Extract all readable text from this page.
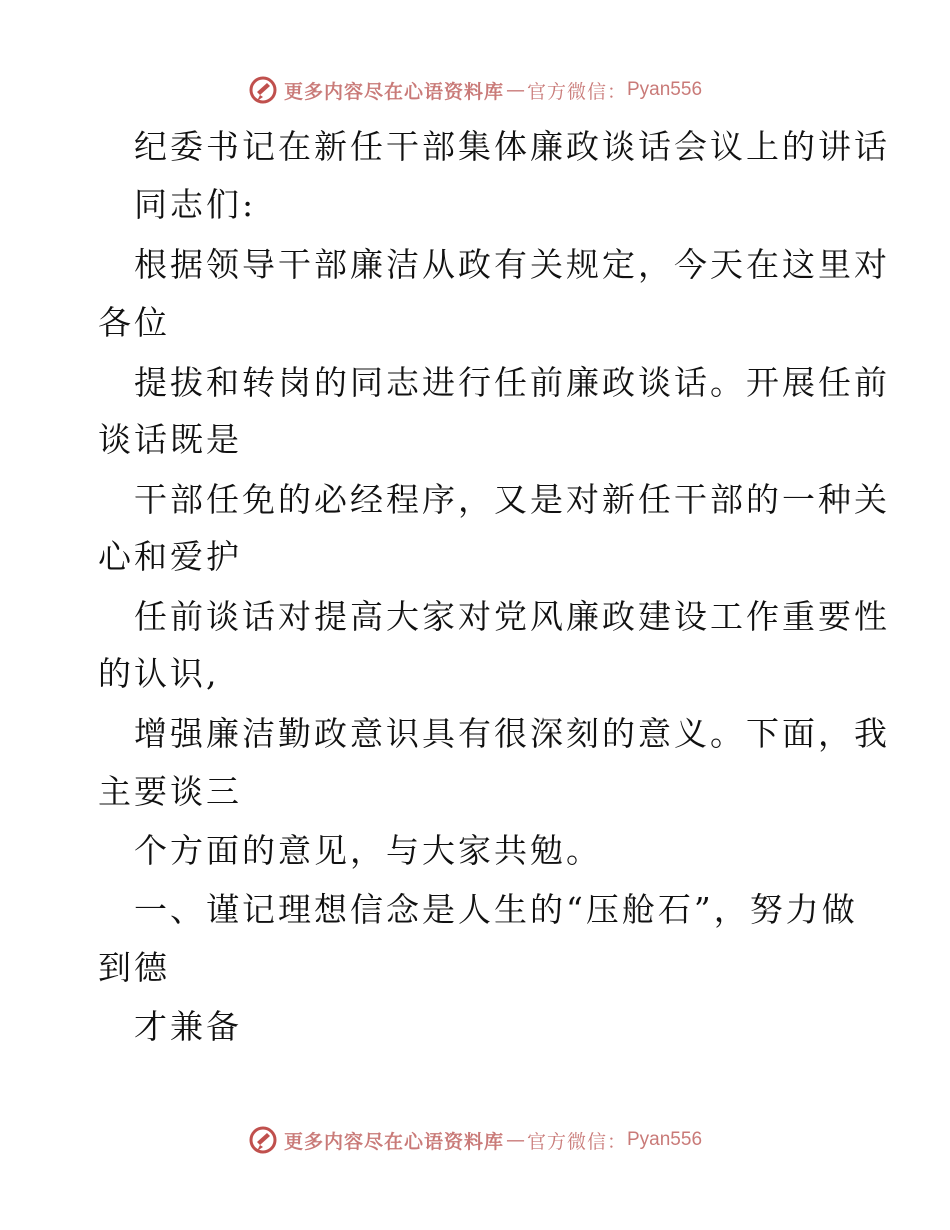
更多内容尽在心语资料库 — 官方微信： Pyan556
纪委书记在新任干部集体廉政谈话会议上的讲话
同志们:
根据领导干部廉洁从政有关规定，今天在这里对
各位
提拔和转岗的同志进行任前廉政谈话。开展任前
谈话既是
干部任免的必经程序，又是对新任干部的一种关
心和爱护
任前谈话对提高大家对党风廉政建设工作重要性
的认识,
增强廉洁勤政意识具有很深刻的意义。下面，我
主要谈三
个方面的意见，与大家共勉。
一、谨记理想信念是人生的“压舱石”，努力做
到德
才兼备
更多内容尽在心语资料库 — 官方微信： Pyan556
